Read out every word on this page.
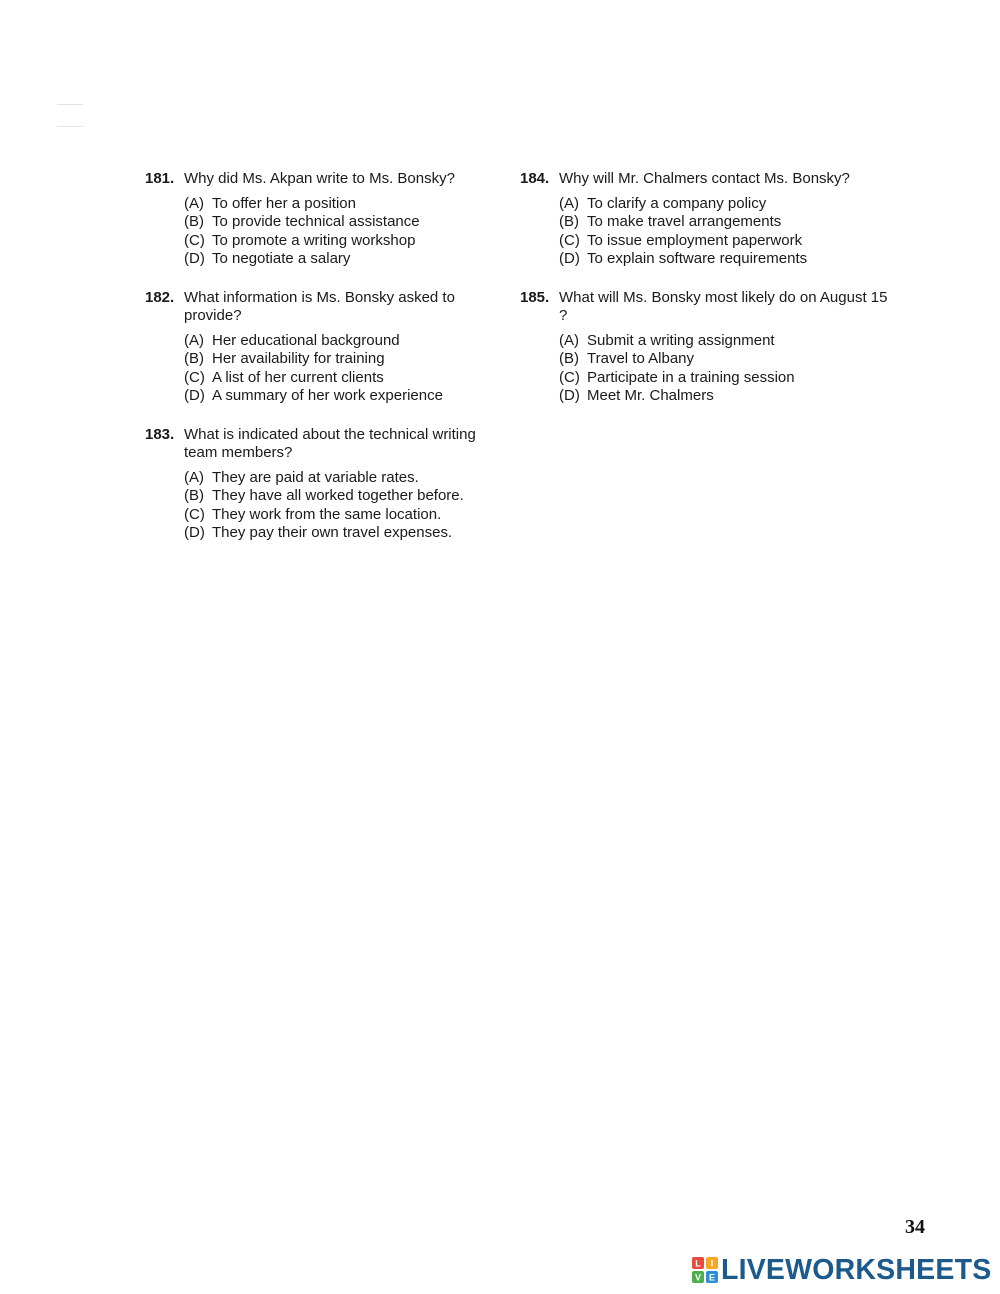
181. Why did Ms. Akpan write to Ms. Bonsky?
(A) To offer her a position
(B) To provide technical assistance
(C) To promote a writing workshop
(D) To negotiate a salary
182. What information is Ms. Bonsky asked to provide?
(A) Her educational background
(B) Her availability for training
(C) A list of her current clients
(D) A summary of her work experience
183. What is indicated about the technical writing team members?
(A) They are paid at variable rates.
(B) They have all worked together before.
(C) They work from the same location.
(D) They pay their own travel expenses.
184. Why will Mr. Chalmers contact Ms. Bonsky?
(A) To clarify a company policy
(B) To make travel arrangements
(C) To issue employment paperwork
(D) To explain software requirements
185. What will Ms. Bonsky most likely do on August 15 ?
(A) Submit a writing assignment
(B) Travel to Albany
(C) Participate in a training session
(D) Meet Mr. Chalmers
34
L I
V E LIVEWORKSHEETS
